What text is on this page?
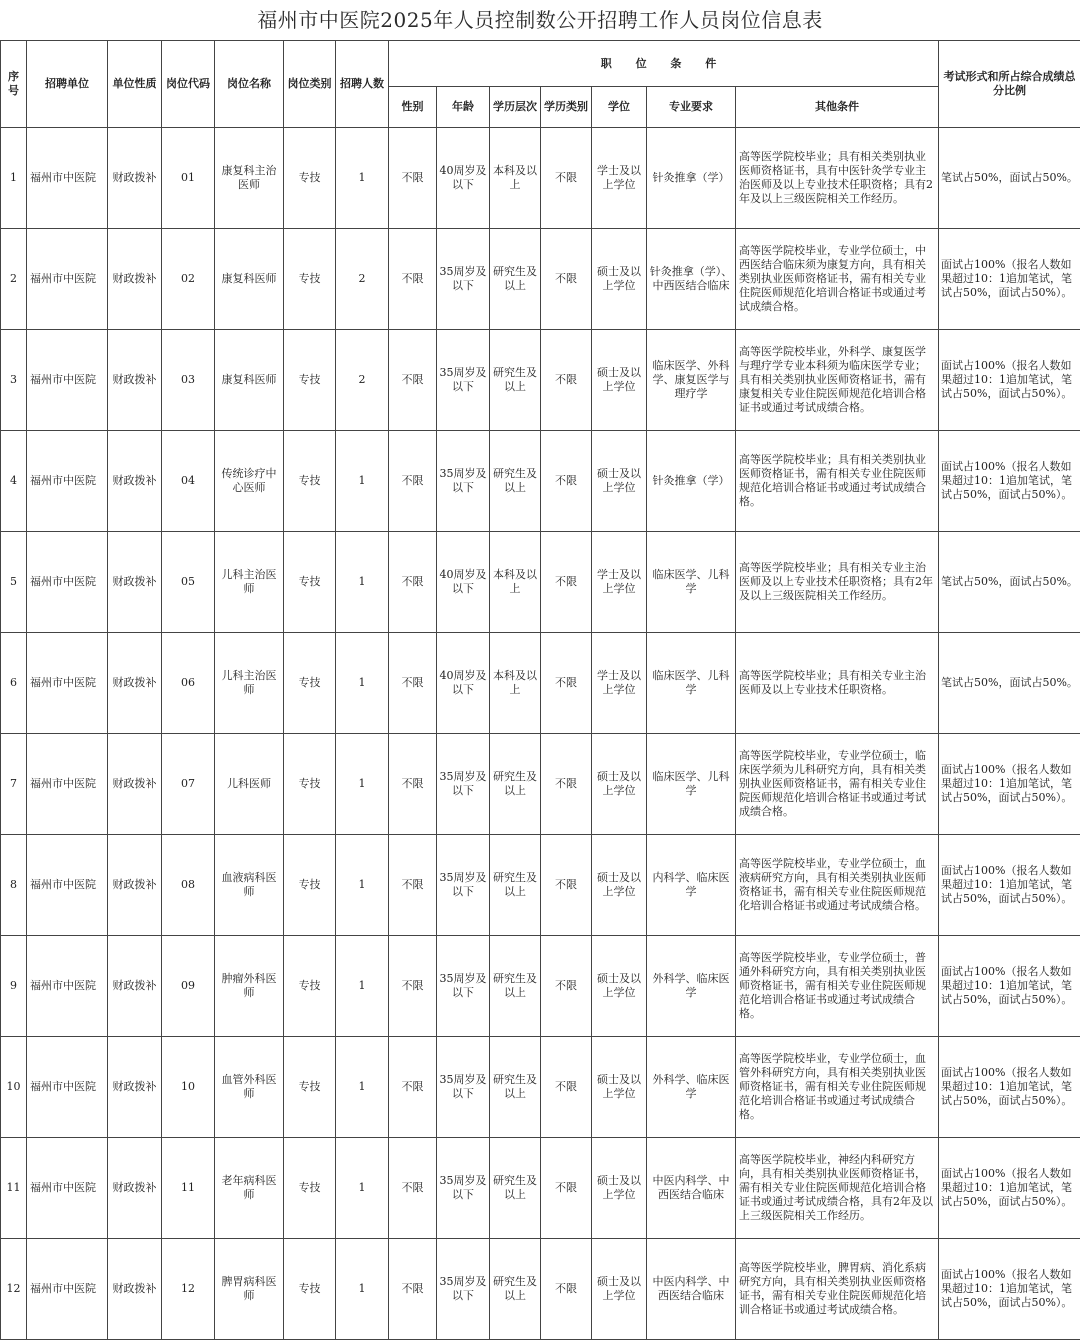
福州市中医院2025年人员控制数公开招聘工作人员岗位信息表
序号	招聘单位	单位性质	岗位代码	岗位名称	岗位类别	招聘人数	职 位 条 件							考试形式和所占综合成绩总分比例
							性别	年龄	学历层次	学历类别	学位	专业要求	其他条件	
1	福州市中医院	财政拨补	01	康复科主治医师	专技	1	不限	40周岁及以下	本科及以上	不限	学士及以上学位	针灸推拿（学）	高等医学院校毕业；具有相关类别执业医师资格证书，具有中医针灸学专业主治医师及以上专业技术任职资格；具有2年及以上三级医院相关工作经历。	笔试占50%，面试占50%。
2	福州市中医院	财政拨补	02	康复科医师	专技	2	不限	35周岁及以下	研究生及以上	不限	硕士及以上学位	针灸推拿（学）、中西医结合临床	高等医学院校毕业，专业学位硕士，中西医结合临床须为康复方向，具有相关类别执业医师资格证书，需有相关专业住院医师规范化培训合格证书或通过考试成绩合格。	面试占100%（报名人数如果超过10：1追加笔试，笔试占50%，面试占50%）。
3	福州市中医院	财政拨补	03	康复科医师	专技	2	不限	35周岁及以下	研究生及以上	不限	硕士及以上学位	临床医学、外科学、康复医学与理疗学	高等医学院校毕业，外科学、康复医学与理疗学专业本科须为临床医学专业；具有相关类别执业医师资格证书，需有康复相关专业住院医师规范化培训合格证书或通过考试成绩合格。	面试占100%（报名人数如果超过10：1追加笔试，笔试占50%，面试占50%）。
4	福州市中医院	财政拨补	04	传统诊疗中心医师	专技	1	不限	35周岁及以下	研究生及以上	不限	硕士及以上学位	针灸推拿（学）	高等医学院校毕业；具有相关类别执业医师资格证书，需有相关专业住院医师规范化培训合格证书或通过考试成绩合格。	面试占100%（报名人数如果超过10：1追加笔试，笔试占50%，面试占50%）。
5	福州市中医院	财政拨补	05	儿科主治医师	专技	1	不限	40周岁及以下	本科及以上	不限	学士及以上学位	临床医学、儿科学	高等医学院校毕业；具有相关专业主治医师及以上专业技术任职资格；具有2年及以上三级医院相关工作经历。	笔试占50%，面试占50%。
6	福州市中医院	财政拨补	06	儿科主治医师	专技	1	不限	40周岁及以下	本科及以上	不限	学士及以上学位	临床医学、儿科学	高等医学院校毕业；具有相关专业主治医师及以上专业技术任职资格。	笔试占50%，面试占50%。
7	福州市中医院	财政拨补	07	儿科医师	专技	1	不限	35周岁及以下	研究生及以上	不限	硕士及以上学位	临床医学、儿科学	高等医学院校毕业，专业学位硕士，临床医学须为儿科研究方向，具有相关类别执业医师资格证书，需有相关专业住院医师规范化培训合格证书或通过考试成绩合格。	面试占100%（报名人数如果超过10：1追加笔试，笔试占50%，面试占50%）。
8	福州市中医院	财政拨补	08	血液病科医师	专技	1	不限	35周岁及以下	研究生及以上	不限	硕士及以上学位	内科学、临床医学	高等医学院校毕业，专业学位硕士，血液病研究方向，具有相关类别执业医师资格证书，需有相关专业住院医师规范化培训合格证书或通过考试成绩合格。	面试占100%（报名人数如果超过10：1追加笔试，笔试占50%，面试占50%）。
9	福州市中医院	财政拨补	09	肿瘤外科医师	专技	1	不限	35周岁及以下	研究生及以上	不限	硕士及以上学位	外科学、临床医学	高等医学院校毕业，专业学位硕士，普通外科研究方向，具有相关类别执业医师资格证书，需有相关专业住院医师规范化培训合格证书或通过考试成绩合格。	面试占100%（报名人数如果超过10：1追加笔试，笔试占50%，面试占50%）。
10	福州市中医院	财政拨补	10	血管外科医师	专技	1	不限	35周岁及以下	研究生及以上	不限	硕士及以上学位	外科学、临床医学	高等医学院校毕业，专业学位硕士，血管外科研究方向，具有相关类别执业医师资格证书，需有相关专业住院医师规范化培训合格证书或通过考试成绩合格。	面试占100%（报名人数如果超过10：1追加笔试，笔试占50%，面试占50%）。
11	福州市中医院	财政拨补	11	老年病科医师	专技	1	不限	35周岁及以下	研究生及以上	不限	硕士及以上学位	中医内科学、中西医结合临床	高等医学院校毕业，神经内科研究方向，具有相关类别执业医师资格证书，需有相关专业住院医师规范化培训合格证书或通过考试成绩合格，具有2年及以上三级医院相关工作经历。	面试占100%（报名人数如果超过10：1追加笔试，笔试占50%，面试占50%）。
12	福州市中医院	财政拨补	12	脾胃病科医师	专技	1	不限	35周岁及以下	研究生及以上	不限	硕士及以上学位	中医内科学、中西医结合临床	高等医学院校毕业，脾胃病、消化系病研究方向，具有相关类别执业医师资格证书，需有相关专业住院医师规范化培训合格证书或通过考试成绩合格。	面试占100%（报名人数如果超过10：1追加笔试，笔试占50%，面试占50%）。
